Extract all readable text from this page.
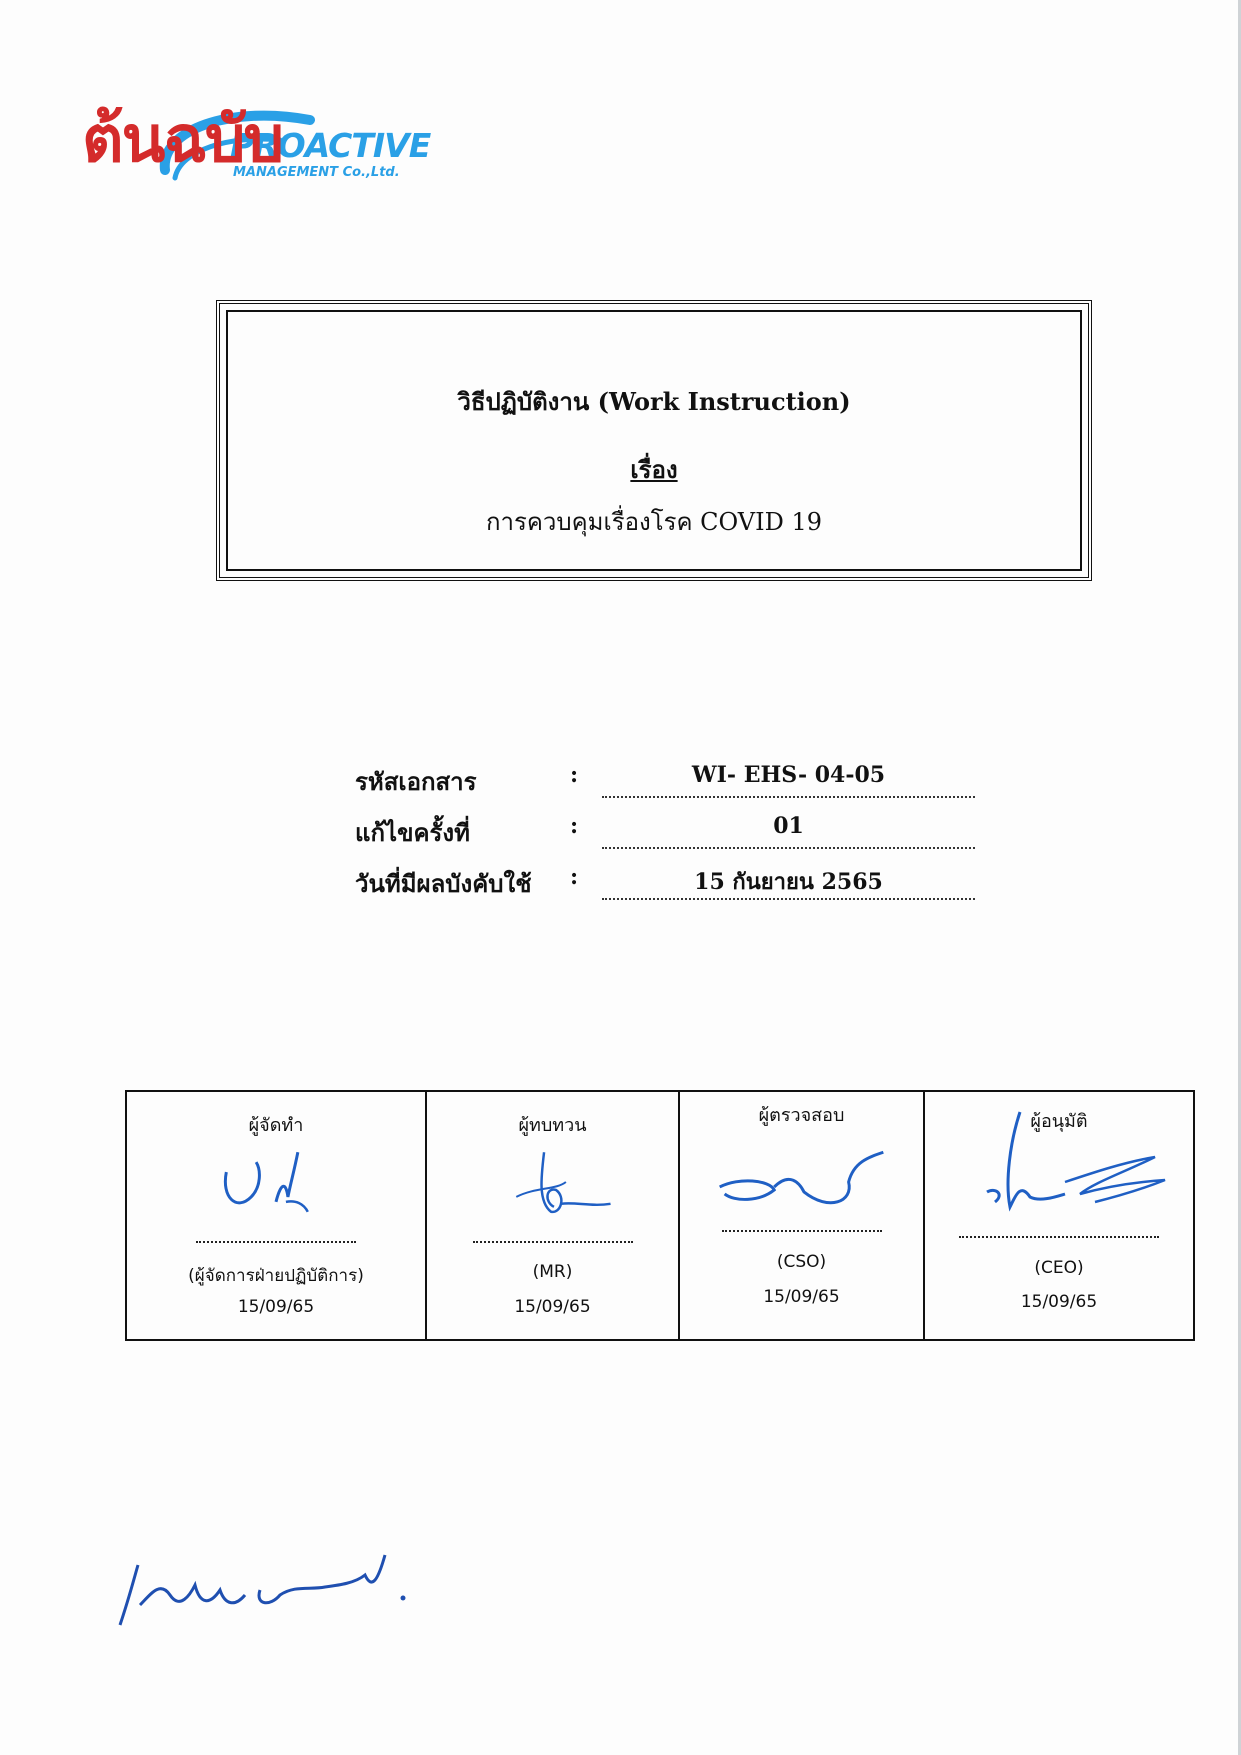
PROACTIVE
MANAGEMENT Co.,Ltd.
ต้นฉบับ
วิธีปฏิบัติงาน (Work Instruction)
เรื่อง
การควบคุมเรื่องโรค COVID 19
รหัสเอกสาร	:	WI- EHS- 04-05
แก้ไขครั้งที่	:	01
วันที่มีผลบังคับใช้ :	15 กันยายน 2565
ผู้จัดทำ
(ผู้จัดการฝ่ายปฏิบัติการ)
15/09/65
ผู้ทบทวน
(MR)
15/09/65
ผู้ตรวจสอบ
(CSO)
15/09/65
ผู้อนุมัติ
(CEO)
15/09/65
